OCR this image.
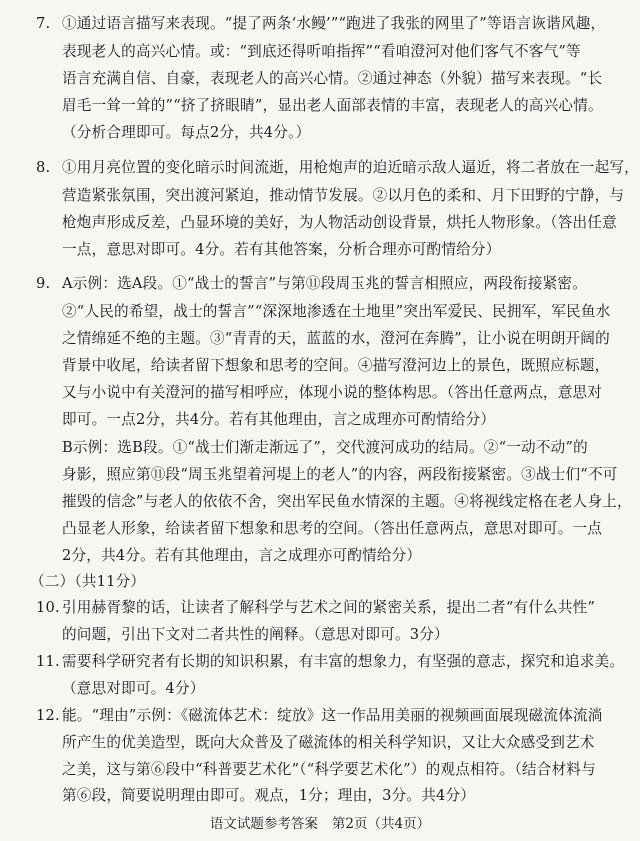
7. ①通过语言描写来表现。“提了两条‘水鳗’”“跑进了我张的网里了”等语言诙谐风趣，
表现老人的高兴心情。或：“到底还得听咱指挥”“看咱澄河对他们客气不客气”等
语言充满自信、自豪，表现老人的高兴心情。②通过神态（外貌）描写来表现。“长
眉毛一耸一耸的”“挤了挤眼睛”，显出老人面部表情的丰富，表现老人的高兴心情。
（分析合理即可。每点2分，共4分。）
8. ①用月亮位置的变化暗示时间流逝，用枪炮声的迫近暗示敌人逼近，将二者放在一起写，
营造紧张氛围，突出渡河紧迫，推动情节发展。②以月色的柔和、月下田野的宁静，与
枪炮声形成反差，凸显环境的美好，为人物活动创设背景，烘托人物形象。（答出任意
一点，意思对即可。4分。若有其他答案，分析合理亦可酌情给分）
9. A示例：选A段。①“战士的誓言”与第⑪段周玉兆的誓言相照应，两段衔接紧密。
②“人民的希望，战士的誓言”“深深地渗透在土地里”突出军爱民、民拥军，军民鱼水
之情绵延不绝的主题。③“青青的天，蓝蓝的水，澄河在奔腾”，让小说在明朗开阔的
背景中收尾，给读者留下想象和思考的空间。④描写澄河边上的景色，既照应标题，
又与小说中有关澄河的描写相呼应，体现小说的整体构思。（答出任意两点，意思对
即可。一点2分，共4分。若有其他理由，言之成理亦可酌情给分）
B示例：选B段。①“战士们渐走渐远了”，交代渡河成功的结局。②“一动不动”的
身影，照应第⑪段“周玉兆望着河堤上的老人”的内容，两段衔接紧密。③战士们“不可
摧毁的信念”与老人的依依不舍，突出军民鱼水情深的主题。④将视线定格在老人身上，
凸显老人形象，给读者留下想象和思考的空间。（答出任意两点，意思对即可。一点
2分，共4分。若有其他理由，言之成理亦可酌情给分）
（二）（共11分）
10. 引用赫胥黎的话，让读者了解科学与艺术之间的紧密关系，提出二者“有什么共性”
的问题，引出下文对二者共性的阐释。（意思对即可。3分）
11. 需要科学研究者有长期的知识积累，有丰富的想象力，有坚强的意志，探究和追求美。
（意思对即可。4分）
12. 能。“理由”示例：《磁流体艺术：绽放》这一作品用美丽的视频画面展现磁流体流淌
所产生的优美造型，既向大众普及了磁流体的相关科学知识，又让大众感受到艺术
之美，这与第⑥段中“科普要艺术化”（“科学要艺术化”）的观点相符。（结合材料与
语文试题参考答案 第2页（共4页）
第⑥段，简要说明理由即可。观点，1分；理由，3分。共4分）
